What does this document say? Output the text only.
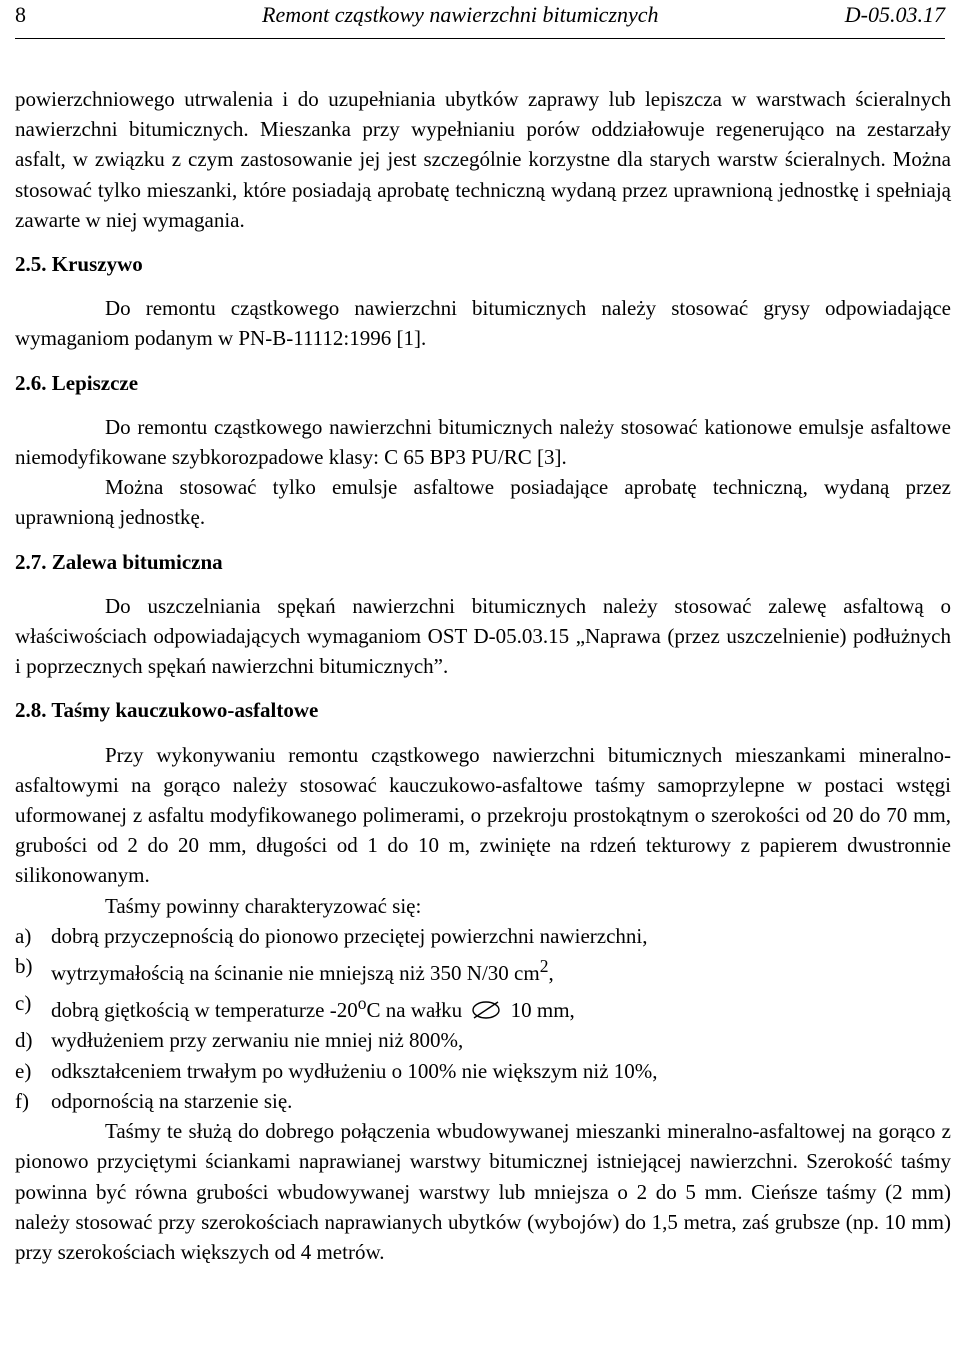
8	Remont cząstkowy nawierzchni bitumicznych	D-05.03.17

powierzchniowego utrwalenia i do uzupełniania ubytków zaprawy lub lepiszcza w warstwach ścieralnych nawierzchni bitumicznych. Mieszanka przy wypełnianiu porów oddziałowuje regenerująco na zestarzały asfalt, w związku z czym zastosowanie jej jest szczególnie korzystne dla starych warstw ścieralnych. Można stosować tylko mieszanki, które posiadają aprobatę techniczną wydaną przez uprawnioną jednostkę i spełniają zawarte w niej wymagania.

2.5. Kruszywo

Do remontu cząstkowego nawierzchni bitumicznych należy stosować grysy odpowiadające wymaganiom podanym w PN-B-11112:1996 [1].

2.6. Lepiszcze

Do remontu cząstkowego nawierzchni bitumicznych należy stosować kationowe emulsje asfaltowe niemodyfikowane szybkorozpadowe klasy: C 65 BP3 PU/RC [3].

Można stosować tylko emulsje asfaltowe posiadające aprobatę techniczną, wydaną przez uprawnioną jednostkę.

2.7. Zalewa bitumiczna

Do uszczelniania spękań nawierzchni bitumicznych należy stosować zalewę asfaltową o właściwościach odpowiadających wymaganiom OST D-05.03.15 „Naprawa (przez uszczelnienie) podłużnych i poprzecznych spękań nawierzchni bitumicznych”.

2.8. Taśmy kauczukowo-asfaltowe

Przy wykonywaniu remontu cząstkowego nawierzchni bitumicznych mieszankami mineralno-asfaltowymi na gorąco należy stosować kauczukowo-asfaltowe taśmy samoprzylepne w postaci wstęgi uformowanej z asfaltu modyfikowanego polimerami, o przekroju prostokątnym o szerokości od 20 do 70 mm, grubości od 2 do 20 mm, długości od 1 do 10 m, zwinięte na rdzeń tekturowy z papierem dwustronnie silikonowanym.

Taśmy powinny charakteryzować się:

a) dobrą przyczepnością do pionowo przeciętej powierzchni nawierzchni,
b) wytrzymałością na ścinanie nie mniejszą niż 350 N/30 $cm^2$,
c) dobrą giętkością w temperaturze -20$^o$C na wałku 10 mm,
d) wydłużeniem przy zerwaniu nie mniej niż 800%,
e) odkształceniem trwałym po wydłużeniu o 100% nie większym niż 10%,
f) odpornością na starzenie się.

Taśmy te służą do dobrego połączenia wbudowywanej mieszanki mineralno-asfaltowej na gorąco z pionowo przyciętymi ściankami naprawianej warstwy bitumicznej istniejącej nawierzchni. Szerokość taśmy powinna być równa grubości wbudowywanej warstwy lub mniejsza o 2 do 5 mm. Cieńsze taśmy (2 mm) należy stosować przy szerokościach naprawianych ubytków (wybojów) do 1,5 metra, zaś grubsze (np. 10 mm) przy szerokościach większych od 4 metrów.
